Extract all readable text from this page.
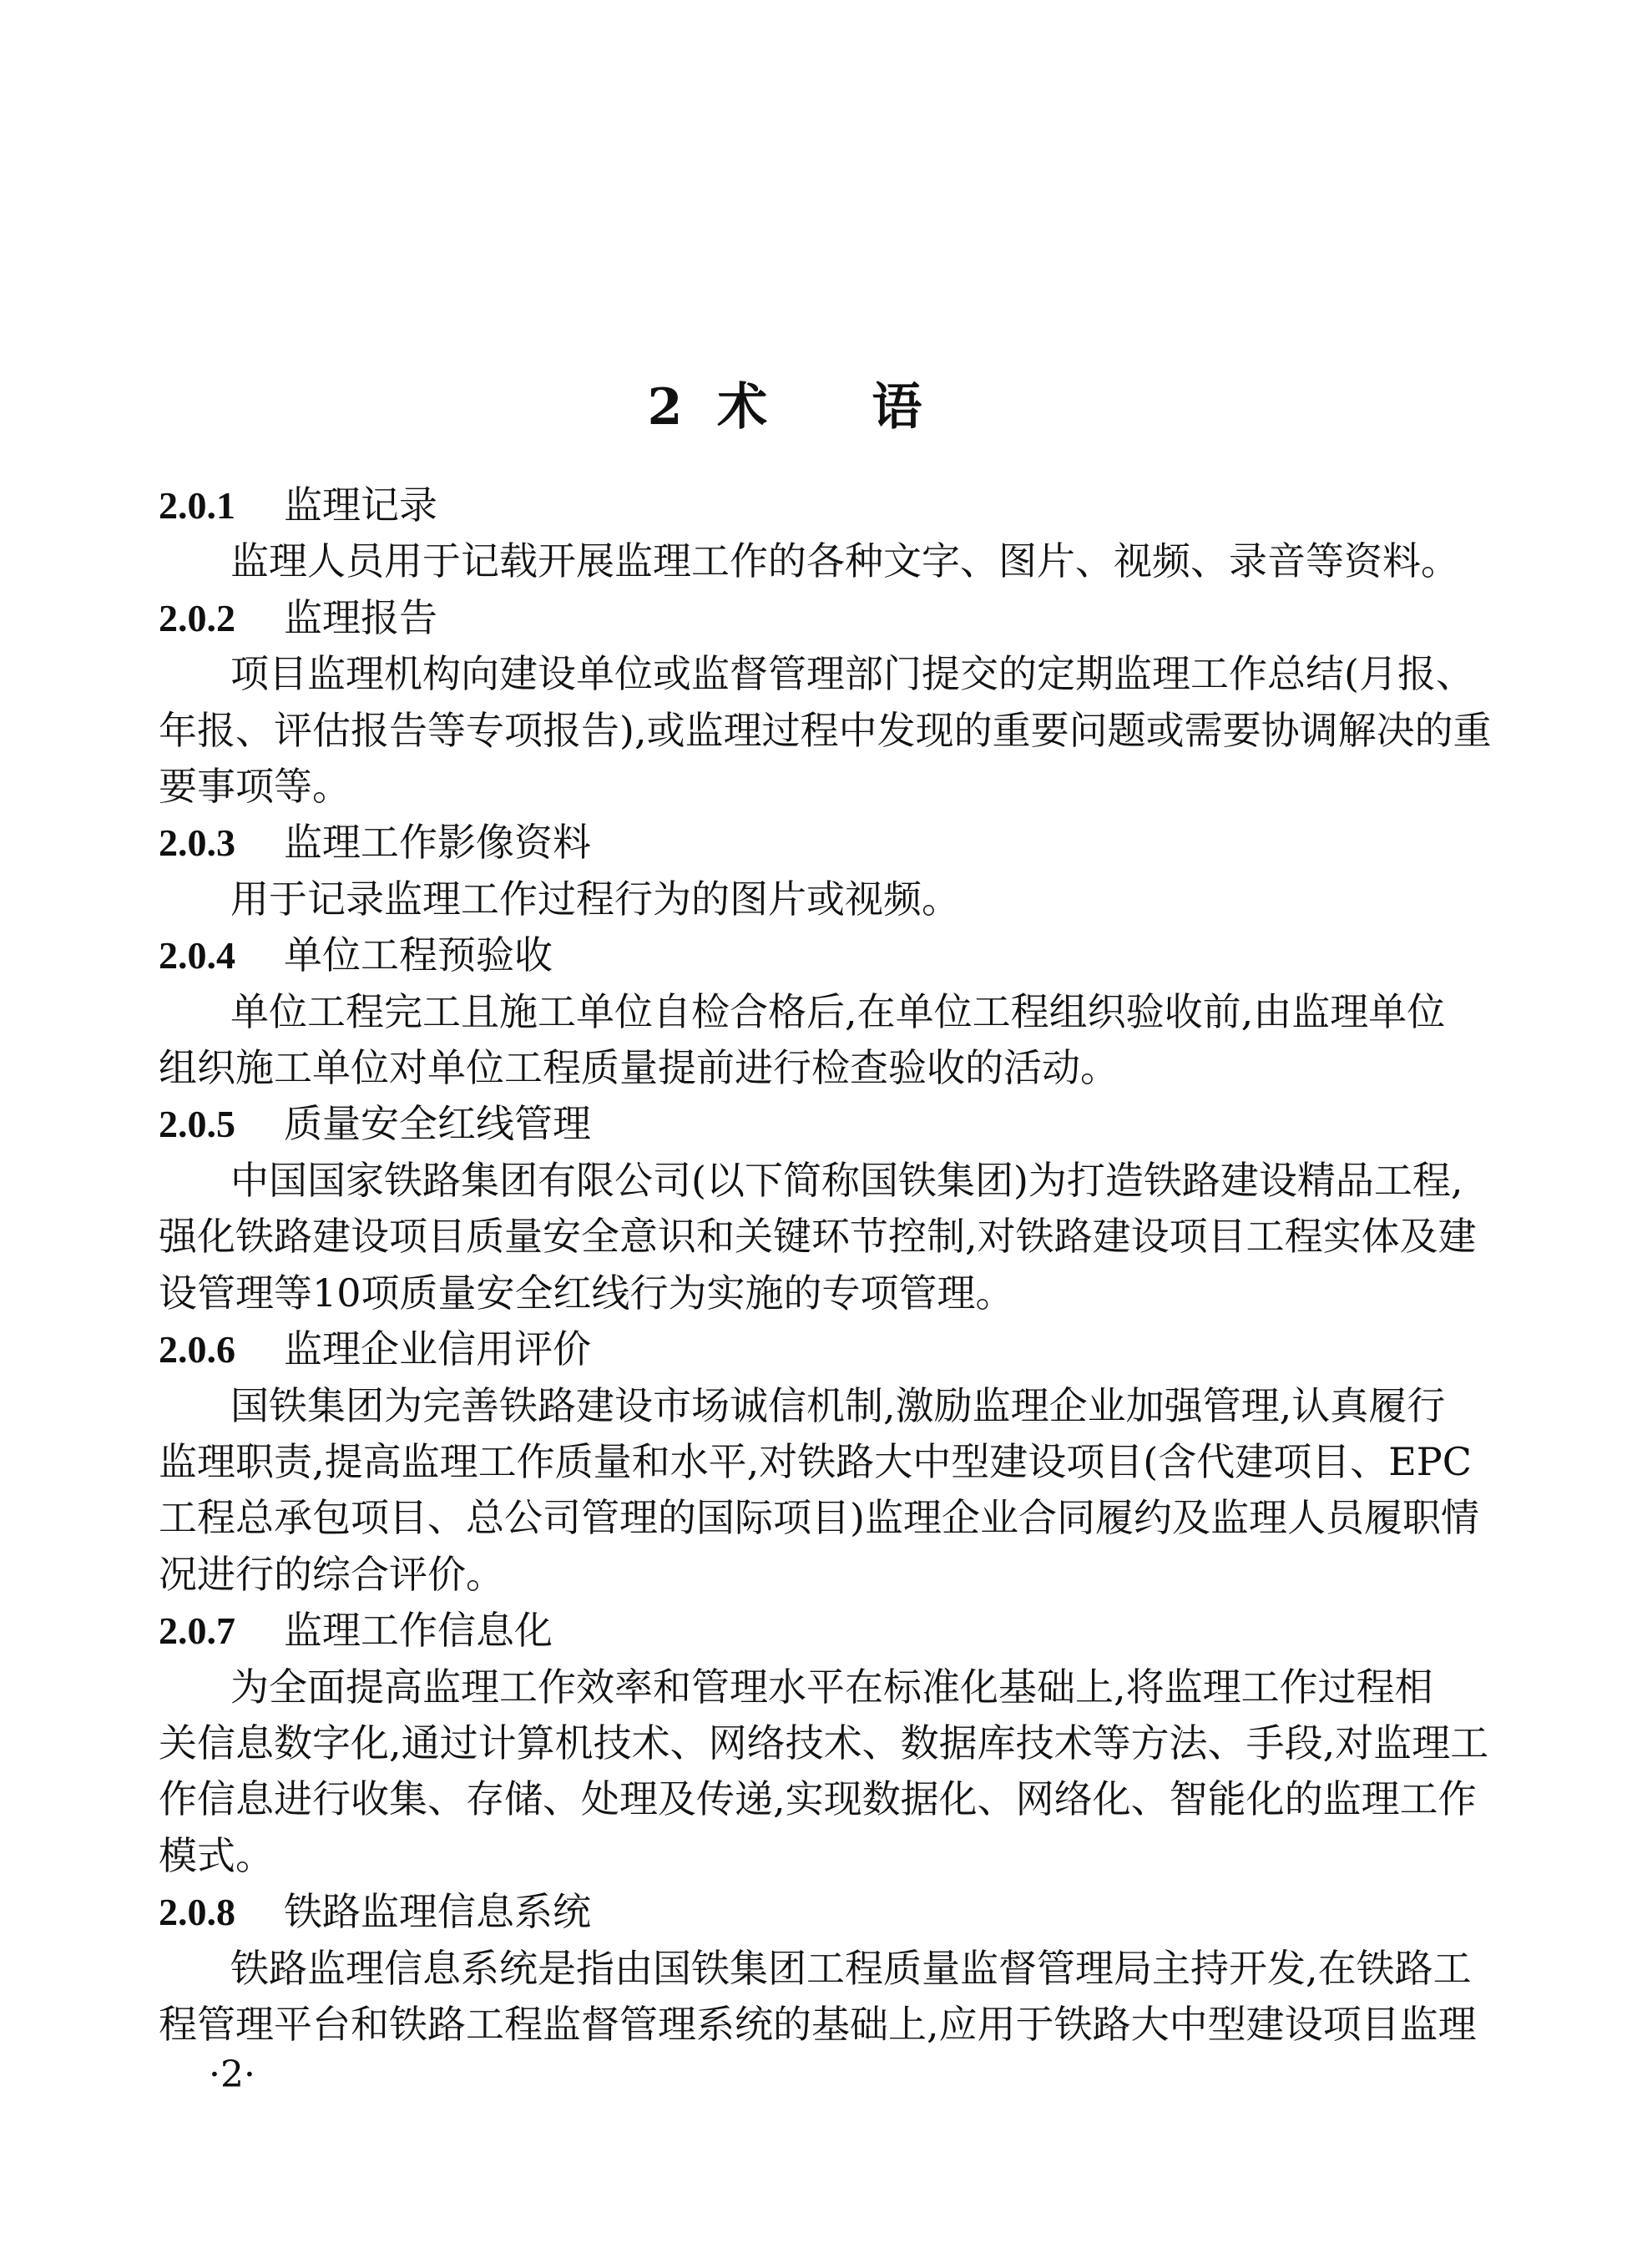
2  术      语
2.0.1 监理记录
监理人员用于记载开展监理工作的各种文字、图片、视频、录音等资料。
2.0.2 监理报告
项目监理机构向建设单位或监督管理部门提交的定期监理工作总结(月报、
年报、评估报告等专项报告),或监理过程中发现的重要问题或需要协调解决的重
要事项等。
2.0.3 监理工作影像资料
用于记录监理工作过程行为的图片或视频。
2.0.4 单位工程预验收
单位工程完工且施工单位自检合格后,在单位工程组织验收前,由监理单位
组织施工单位对单位工程质量提前进行检查验收的活动。
2.0.5 质量安全红线管理
中国国家铁路集团有限公司(以下简称国铁集团)为打造铁路建设精品工程,
强化铁路建设项目质量安全意识和关键环节控制,对铁路建设项目工程实体及建
设管理等10项质量安全红线行为实施的专项管理。
2.0.6 监理企业信用评价
国铁集团为完善铁路建设市场诚信机制,激励监理企业加强管理,认真履行
监理职责,提高监理工作质量和水平,对铁路大中型建设项目(含代建项目、EPC
工程总承包项目、总公司管理的国际项目)监理企业合同履约及监理人员履职情
况进行的综合评价。
2.0.7 监理工作信息化
为全面提高监理工作效率和管理水平在标准化基础上,将监理工作过程相
关信息数字化,通过计算机技术、网络技术、数据库技术等方法、手段,对监理工
作信息进行收集、存储、处理及传递,实现数据化、网络化、智能化的监理工作
模式。
2.0.8 铁路监理信息系统
铁路监理信息系统是指由国铁集团工程质量监督管理局主持开发,在铁路工
程管理平台和铁路工程监督管理系统的基础上,应用于铁路大中型建设项目监理
·2·
